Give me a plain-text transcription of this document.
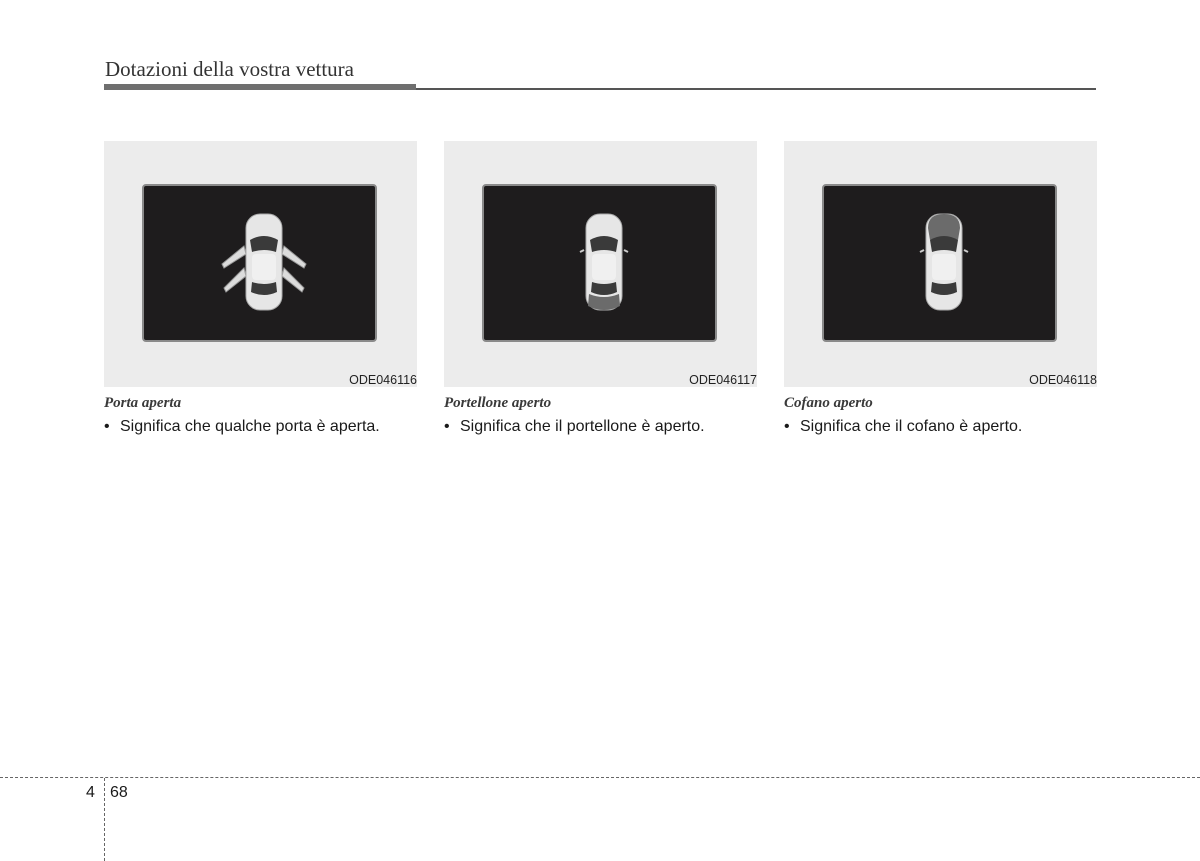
Dotazioni della vostra vettura
ODE046116
Porta aperta
• Significa che qualche porta è aperta.
ODE046117
Portellone aperto
• Significa che il portellone è aperto.
ODE046118
Cofano aperto
• Significa che il cofano è aperto.
4 68
